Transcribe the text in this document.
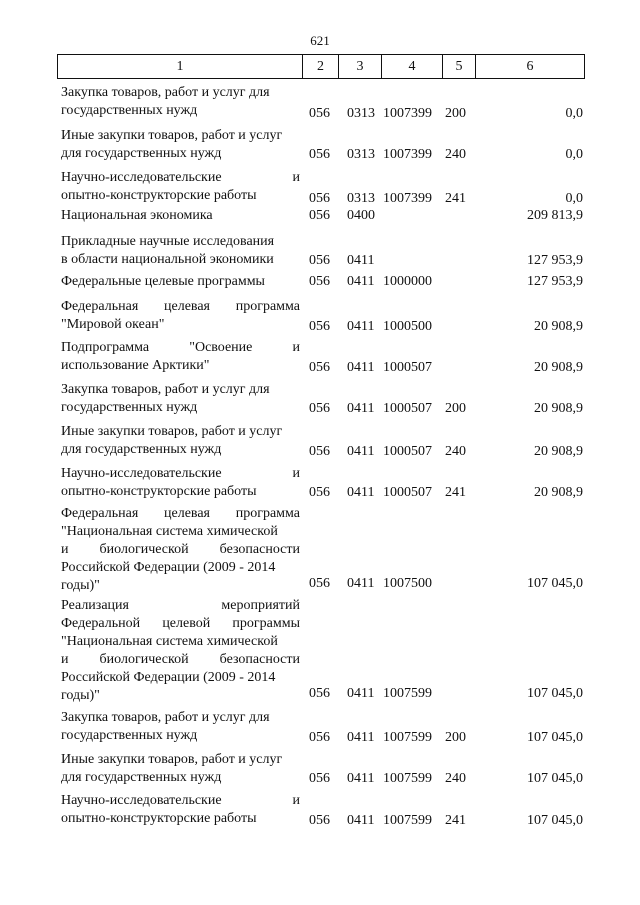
621
1	2	3	4	5	6
Закупка товаров, работ и услуг для
государственных нужд	056 0313 1007399 200	0,0
Иные закупки товаров, работ и услуг
для государственных нужд	056 0313 1007399 240	0,0
Научно-исследовательские и
опытно-конструкторские работы	056 0313 1007399 241	0,0
Национальная экономика	056 0400	209 813,9
Прикладные научные исследования
в области национальной экономики	056 0411	127 953,9
Федеральные целевые программы	056 0411 1000000	127 953,9
Федеральная целевая программа
"Мировой океан"	056 0411 1000500	20 908,9
Подпрограмма "Освоение и
использование Арктики"	056 0411 1000507	20 908,9
Закупка товаров, работ и услуг для
государственных нужд	056 0411 1000507 200	20 908,9
Иные закупки товаров, работ и услуг
для государственных нужд	056 0411 1000507 240	20 908,9
Научно-исследовательские и
опытно-конструкторские работы	056 0411 1000507 241	20 908,9
Федеральная целевая программа
"Национальная система химической
и биологической безопасности
Российской Федерации (2009 - 2014
годы)"	056 0411 1007500	107 045,0
Реализация мероприятий
Федеральной целевой программы
"Национальная система химической
и биологической безопасности
Российской Федерации (2009 - 2014
годы)"	056 0411 1007599	107 045,0
Закупка товаров, работ и услуг для
государственных нужд	056 0411 1007599 200	107 045,0
Иные закупки товаров, работ и услуг
для государственных нужд	056 0411 1007599 240	107 045,0
Научно-исследовательские и
опытно-конструкторские работы	056 0411 1007599 241	107 045,0
